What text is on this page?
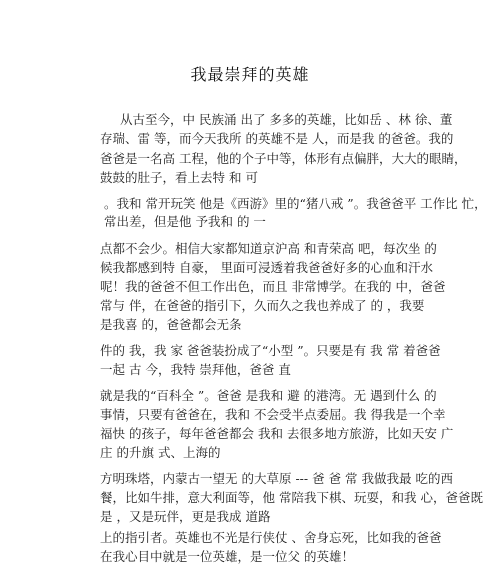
我最崇拜的英雄
从古至今，中 民族涌 出了 多多的英雄，比如岳 、林 徐、董
存瑞、雷 等，而今天我所 的英雄不是 人，而是我 的爸爸。我的
爸爸是一名高 工程，他的个子中等，体形有点偏胖，大大的眼睛，
鼓鼓的肚子，看上去特 和 可
。我和 常开玩笑 他是《西游》里的“猪八戒 ”。我爸爸平 工作比 忙，
常出差，但是他 予我和 的 一
点都不会少。相信大家都知道京沪高 和青荣高 吧，每次坐 的
候我都感到特 自豪， 里面可浸透着我爸爸好多的心血和汗水
呢！我的爸爸不但工作出色，而且 非常博学。在我的 中，爸爸
常与 伴，在爸爸的指引下，久而久之我也养成了 的 ，我要
是我喜 的，爸爸都会无条
件的 我，我 家 爸爸装扮成了“小型 ”。只要是有 我 常 着爸爸
一起 古 今，我特 崇拜他，爸爸 直
就是我的“百科全 ”。爸爸 是我和 避 的港湾。无 遇到什么 的
事情，只要有爸爸在，我和 不会受半点委屈。我 得我是一个幸
福快 的孩子，每年爸爸都会 我和 去很多地方旅游，比如天安 广
庄 的升旗 式、上海的
方明珠塔，内蒙古一望无 的大草原 --- 爸 爸 常 我做我最 吃的西
餐，比如牛排，意大利面等，他 常陪我下棋、玩耍，和我 心，爸爸既
是 ，又是玩伴，更是我成 道路
上的指引者。英雄也不光是行侠仗 、舍身忘死，比如我的爸爸
在我心目中就是一位英雄，是一位父 的英雄！
